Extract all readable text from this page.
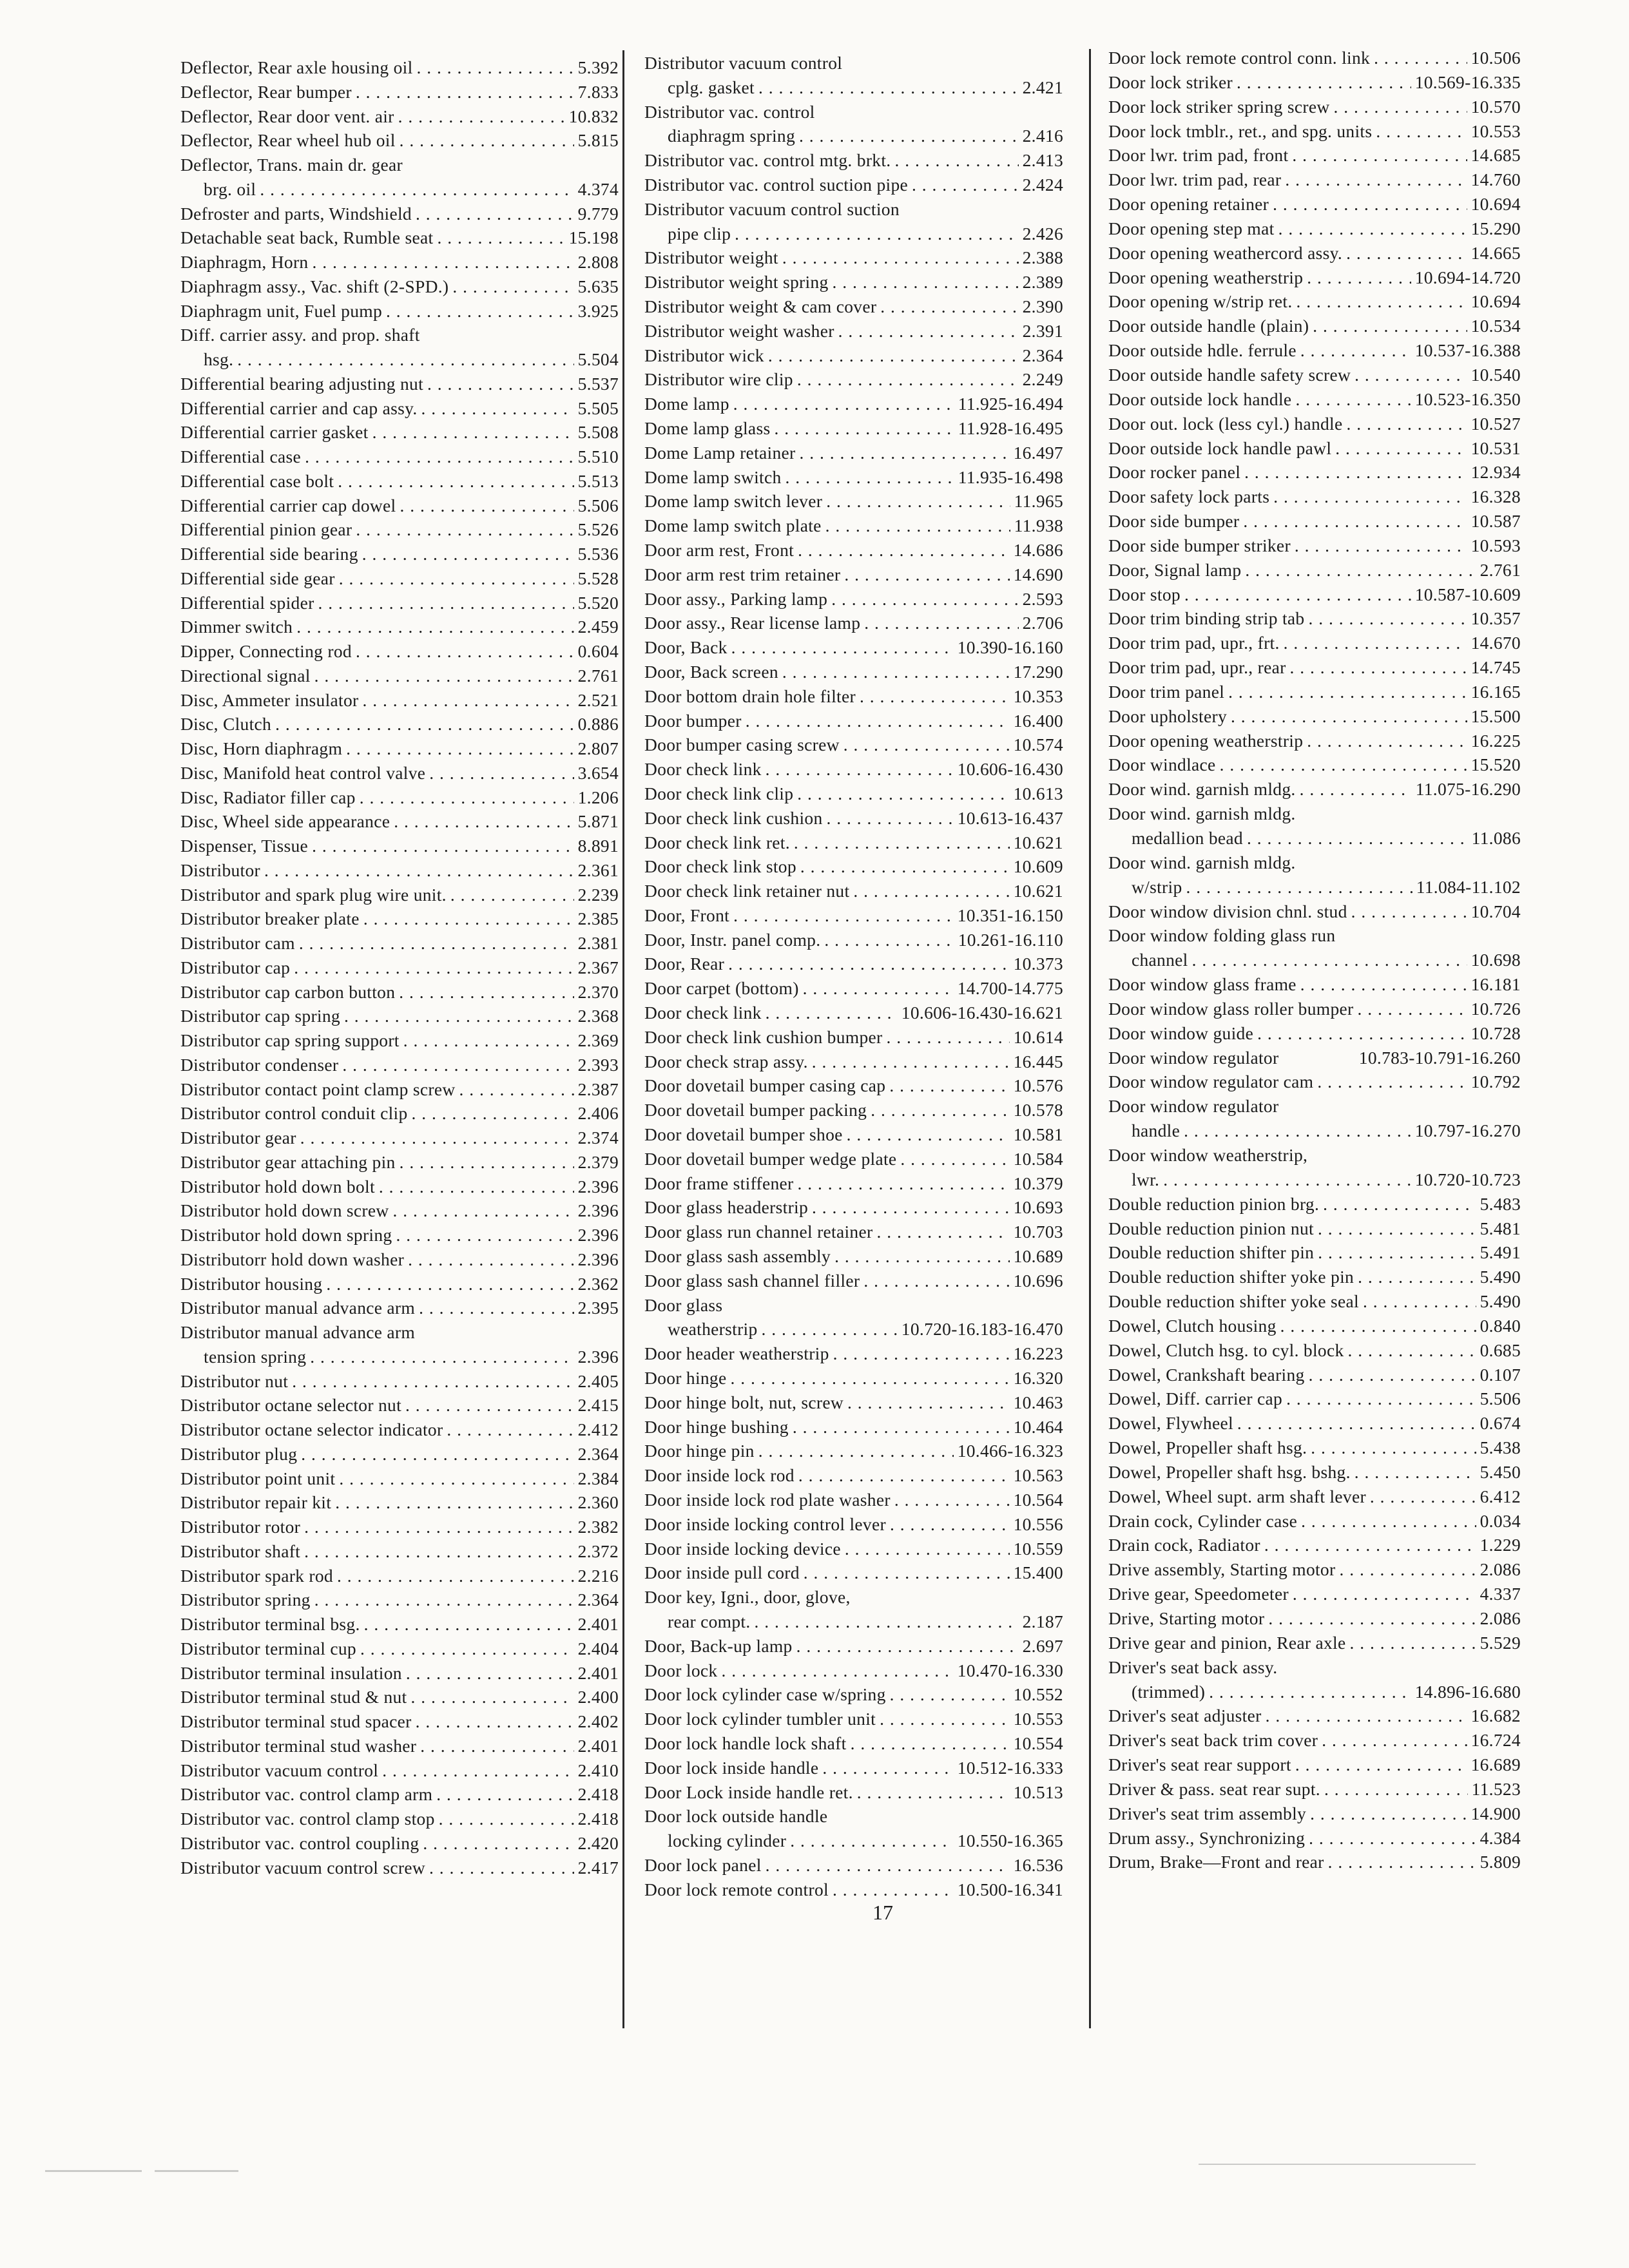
Deflector, Rear axle housing oil . . .	5.392
Deflector, Rear bumper . . .	7.833
Deflector, Rear door vent. air . . .	10.832
Deflector, Rear wheel hub oil . . .	5.815
Deflector, Trans. main dr. gear
brg. oil . . .	4.374
Defroster and parts, Windshield . . .	9.779
Detachable seat back, Rumble seat . . .	15.198
Diaphragm, Horn . . .	2.808
Diaphragm assy., Vac. shift (2-SPD.) . . .	5.635
Diaphragm unit, Fuel pump . . .	3.925
Diff. carrier assy. and prop. shaft
hsg. . . .	5.504
Differential bearing adjusting nut . . .	5.537
Differential carrier and cap assy. . . .	5.505
Differential carrier gasket . . .	5.508
Differential case . . .	5.510
Differential case bolt . . .	5.513
Differential carrier cap dowel . . .	5.506
Differential pinion gear . . .	5.526
Differential side bearing . . .	5.536
Differential side gear . . .	5.528
Differential spider . . .	5.520
Dimmer switch . . .	2.459
Dipper, Connecting rod . . .	0.604
Directional signal . . .	2.761
Disc, Ammeter insulator . . .	2.521
Disc, Clutch . . .	0.886
Disc, Horn diaphragm . . .	2.807
Disc, Manifold heat control valve . . .	3.654
Disc, Radiator filler cap . . .	1.206
Disc, Wheel side appearance . . .	5.871
Dispenser, Tissue . . .	8.891
Distributor . . .	2.361
Distributor and spark plug wire unit. . . .	2.239
Distributor breaker plate . . .	2.385
Distributor cam . . .	2.381
Distributor cap . . .	2.367
Distributor cap carbon button . . .	2.370
Distributor cap spring . . .	2.368
Distributor cap spring support . . .	2.369
Distributor condenser . . .	2.393
Distributor contact point clamp screw . . .	2.387
Distributor control conduit clip . . .	2.406
Distributor gear . . .	2.374
Distributor gear attaching pin . . .	2.379
Distributor hold down bolt . . .	2.396
Distributor hold down screw . . .	2.396
Distributor hold down spring . . .	2.396
Distributorr hold down washer . . .	2.396
Distributor housing . . .	2.362
Distributor manual advance arm . . .	2.395
Distributor manual advance arm
tension spring . . .	2.396
Distributor nut . . .	2.405
Distributor octane selector nut . . .	2.415
Distributor octane selector indicator . . .	2.412
Distributor plug . . .	2.364
Distributor point unit . . .	2.384
Distributor repair kit . . .	2.360
Distributor rotor . . .	2.382
Distributor shaft . . .	2.372
Distributor spark rod . . .	2.216
Distributor spring . . .	2.364
Distributor terminal bsg. . . .	2.401
Distributor terminal cup . . .	2.404
Distributor terminal insulation . . .	2.401
Distributor terminal stud & nut . . .	2.400
Distributor terminal stud spacer . . .	2.402
Distributor terminal stud washer . . .	2.401
Distributor vacuum control . . .	2.410
Distributor vac. control clamp arm . . .	2.418
Distributor vac. control clamp stop . . .	2.418
Distributor vac. control coupling . . .	2.420
Distributor vacuum control screw . . .	2.417
Distributor vacuum control
cplg. gasket . . .	2.421
Distributor vac. control
diaphragm spring . . .	2.416
Distributor vac. control mtg. brkt. . . .	2.413
Distributor vac. control suction pipe . . .	2.424
Distributor vacuum control suction
pipe clip . . .	2.426
Distributor weight . . .	2.388
Distributor weight spring . . .	2.389
Distributor weight & cam cover . . .	2.390
Distributor weight washer . . .	2.391
Distributor wick . . .	2.364
Distributor wire clip . . .	2.249
Dome lamp . . .	11.925-16.494
Dome lamp glass . . .	11.928-16.495
Dome Lamp retainer . . .	16.497
Dome lamp switch . . .	11.935-16.498
Dome lamp switch lever . . .	11.965
Dome lamp switch plate . . .	11.938
Door arm rest, Front . . .	14.686
Door arm rest trim retainer . . .	14.690
Door assy., Parking lamp . . .	2.593
Door assy., Rear license lamp . . .	2.706
Door, Back . . .	10.390-16.160
Door, Back screen . . .	17.290
Door bottom drain hole filter . . .	10.353
Door bumper . . .	16.400
Door bumper casing screw . . .	10.574
Door check link . . .	10.606-16.430
Door check link clip . . .	10.613
Door check link cushion . . .	10.613-16.437
Door check link ret. . . .	10.621
Door check link stop . . .	10.609
Door check link retainer nut . . .	10.621
Door, Front . . .	10.351-16.150
Door, Instr. panel comp. . . .	10.261-16.110
Door, Rear . . .	10.373
Door carpet (bottom) . . .	14.700-14.775
Door check link . . .	10.606-16.430-16.621
Door check link cushion bumper . . .	10.614
Door check strap assy. . . .	16.445
Door dovetail bumper casing cap . . .	10.576
Door dovetail bumper packing . . .	10.578
Door dovetail bumper shoe . . .	10.581
Door dovetail bumper wedge plate . . .	10.584
Door frame stiffener . . .	10.379
Door glass headerstrip . . .	10.693
Door glass run channel retainer . . .	10.703
Door glass sash assembly . . .	10.689
Door glass sash channel filler . . .	10.696
Door glass
weatherstrip . . .	10.720-16.183-16.470
Door header weatherstrip . . .	16.223
Door hinge . . .	16.320
Door hinge bolt, nut, screw . . .	10.463
Door hinge bushing . . .	10.464
Door hinge pin . . .	10.466-16.323
Door inside lock rod . . .	10.563
Door inside lock rod plate washer . . .	10.564
Door inside locking control lever . . .	10.556
Door inside locking device . . .	10.559
Door inside pull cord . . .	15.400
Door key, Igni., door, glove,
rear compt. . . .	2.187
Door, Back-up lamp . . .	2.697
Door lock . . .	10.470-16.330
Door lock cylinder case w/spring . . .	10.552
Door lock cylinder tumbler unit . . .	10.553
Door lock handle lock shaft . . .	10.554
Door lock inside handle . . .	10.512-16.333
Door Lock inside handle ret. . . .	10.513
Door lock outside handle
locking cylinder . . .	10.550-16.365
Door lock panel . . .	16.536
Door lock remote control . . .	10.500-16.341
Door lock remote control conn. link . . .	10.506
Door lock striker . . .	10.569-16.335
Door lock striker spring screw . . .	10.570
Door lock tmblr., ret., and spg. units . . .	10.553
Door lwr. trim pad, front . . .	14.685
Door lwr. trim pad, rear . . .	14.760
Door opening retainer . . .	10.694
Door opening step mat . . .	15.290
Door opening weathercord assy. . . .	14.665
Door opening weatherstrip . . .	10.694-14.720
Door opening w/strip ret. . . .	10.694
Door outside handle (plain) . . .	10.534
Door outside hdle. ferrule . . .	10.537-16.388
Door outside handle safety screw . . .	10.540
Door outside lock handle . . .	10.523-16.350
Door out. lock (less cyl.) handle . . .	10.527
Door outside lock handle pawl . . .	10.531
Door rocker panel . . .	12.934
Door safety lock parts . . .	16.328
Door side bumper . . .	10.587
Door side bumper striker . . .	10.593
Door, Signal lamp . . .	2.761
Door stop . . .	10.587-10.609
Door trim binding strip tab . . .	10.357
Door trim pad, upr., frt. . . .	14.670
Door trim pad, upr., rear . . .	14.745
Door trim panel . . .	16.165
Door upholstery . . .	15.500
Door opening weatherstrip . . .	16.225
Door windlace . . .	15.520
Door wind. garnish mldg. . . .	11.075-16.290
Door wind. garnish mldg.
medallion bead . . .	11.086
Door wind. garnish mldg.
w/strip . . .	11.084-11.102
Door window division chnl. stud . . .	10.704
Door window folding glass run
channel . . .	10.698
Door window glass frame . . .	16.181
Door window glass roller bumper . . .	10.726
Door window guide . . .	10.728
Door window regulator	10.783-10.791-16.260
Door window regulator cam . . .	10.792
Door window regulator
handle . . .	10.797-16.270
Door window weatherstrip,
lwr. . . .	10.720-10.723
Double reduction pinion brg. . . .	5.483
Double reduction pinion nut . . .	5.481
Double reduction shifter pin . . .	5.491
Double reduction shifter yoke pin . . .	5.490
Double reduction shifter yoke seal . . .	5.490
Dowel, Clutch housing . . .	0.840
Dowel, Clutch hsg. to cyl. block . . .	0.685
Dowel, Crankshaft bearing . . .	0.107
Dowel, Diff. carrier cap . . .	5.506
Dowel, Flywheel . . .	0.674
Dowel, Propeller shaft hsg. . . .	5.438
Dowel, Propeller shaft hsg. bshg. . . .	5.450
Dowel, Wheel supt. arm shaft lever . . .	6.412
Drain cock, Cylinder case . . .	0.034
Drain cock, Radiator . . .	1.229
Drive assembly, Starting motor . . .	2.086
Drive gear, Speedometer . . .	4.337
Drive, Starting motor . . .	2.086
Drive gear and pinion, Rear axle . . .	5.529
Driver's seat back assy.
(trimmed) . . .	14.896-16.680
Driver's seat adjuster . . .	16.682
Driver's seat back trim cover . . .	16.724
Driver's seat rear support . . .	16.689
Driver & pass. seat rear supt. . . .	11.523
Driver's seat trim assembly . . .	14.900
Drum assy., Synchronizing . . .	4.384
Drum, Brake—Front and rear . . .	5.809
17
